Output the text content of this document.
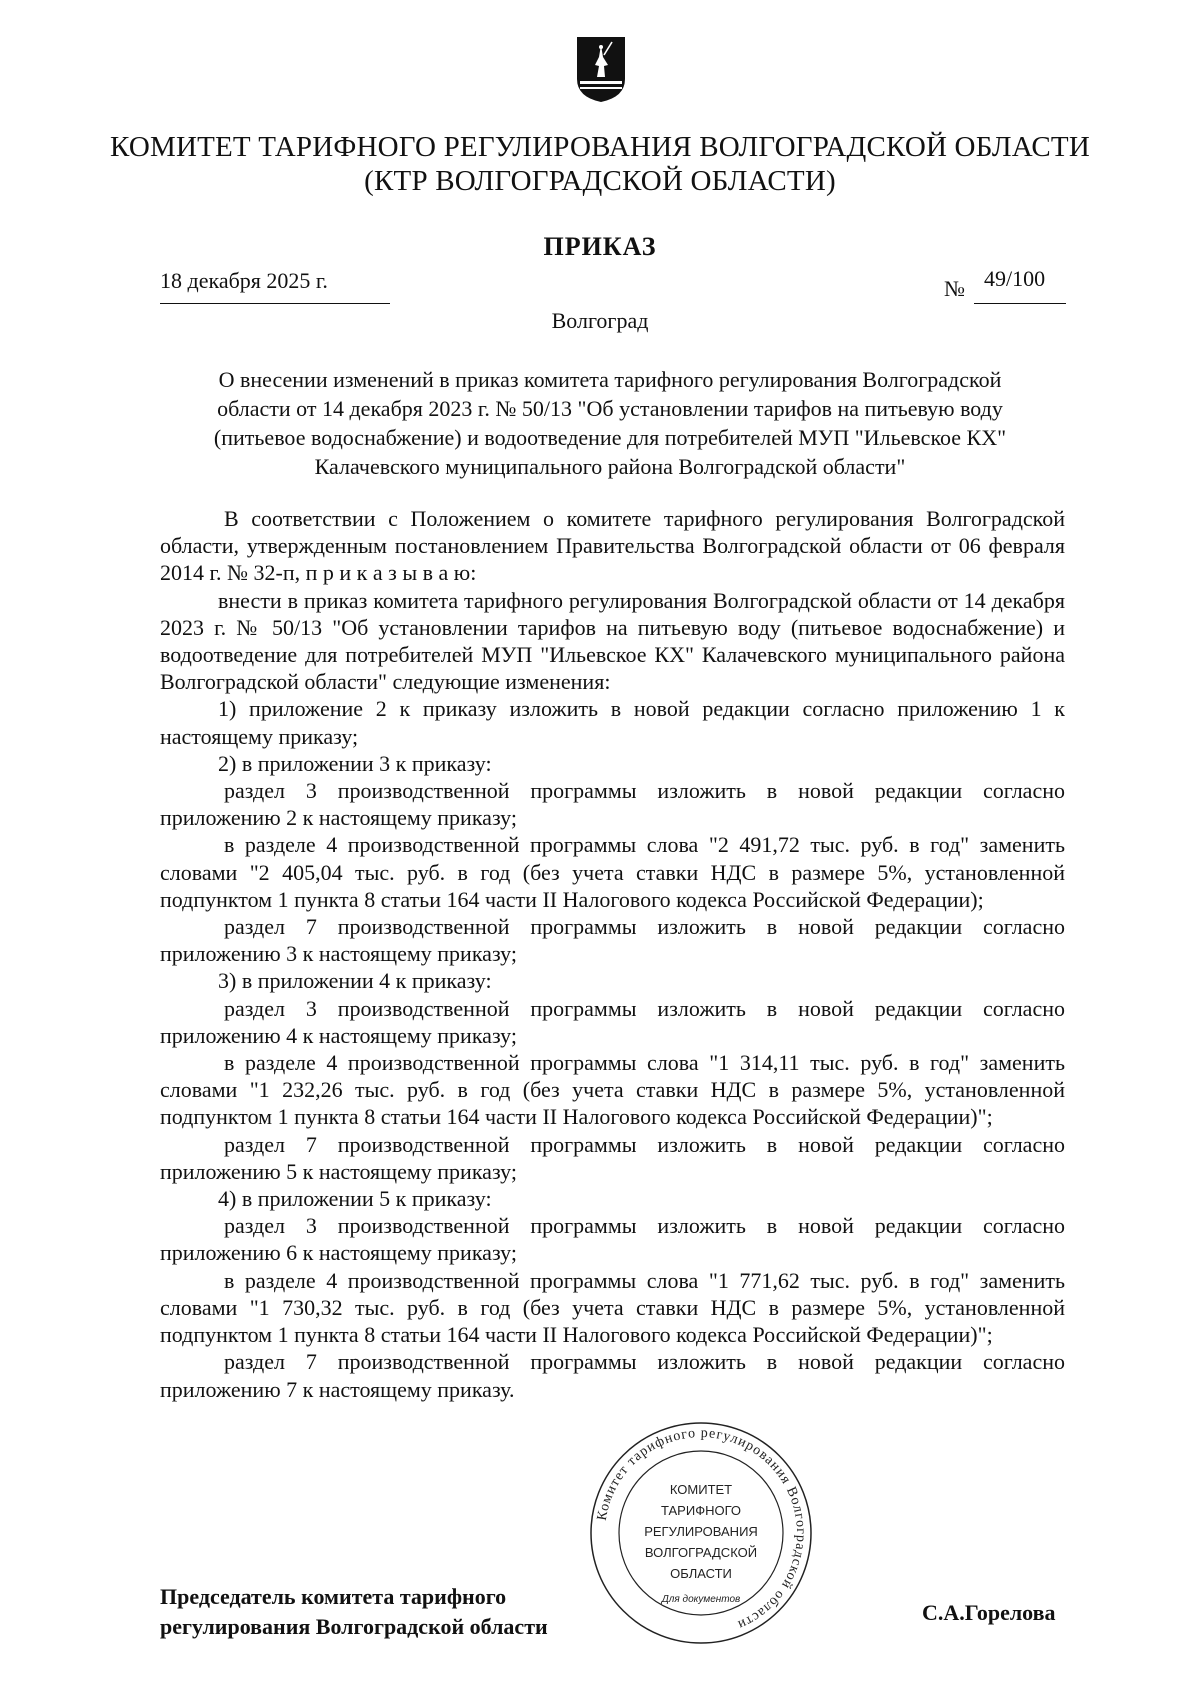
КОМИТЕТ ТАРИФНОГО РЕГУЛИРОВАНИЯ ВОЛГОГРАДСКОЙ ОБЛАСТИ
(КТР ВОЛГОГРАДСКОЙ ОБЛАСТИ)
ПРИКАЗ
18 декабря 2025 г.	№ 49/100
Волгоград
О внесении изменений в приказ комитета тарифного регулирования Волгоградской области от 14 декабря 2023 г. № 50/13 "Об установлении тарифов на питьевую воду (питьевое водоснабжение) и водоотведение для потребителей МУП "Ильевское КХ" Калачевского муниципального района Волгоградской области"

В соответствии с Положением о комитете тарифного регулирования Волгоградской области, утвержденным постановлением Правительства Волгоградской области от 06 февраля 2014 г. № 32-п, п р и к а з ы в а ю:

внести в приказ комитета тарифного регулирования Волгоградской области от 14 декабря 2023 г. № 50/13 "Об установлении тарифов на питьевую воду (питьевое водоснабжение) и водоотведение для потребителей МУП "Ильевское КХ" Калачевского муниципального района Волгоградской области" следующие изменения:

1) приложение 2 к приказу изложить в новой редакции согласно приложению 1 к настоящему приказу;

2) в приложении 3 к приказу:

раздел 3 производственной программы изложить в новой редакции согласно приложению 2 к настоящему приказу;

в разделе 4 производственной программы слова "2 491,72 тыс. руб. в год" заменить словами "2 405,04 тыс. руб. в год (без учета ставки НДС в размере 5%, установленной подпунктом 1 пункта 8 статьи 164 части II Налогового кодекса Российской Федерации);

раздел 7 производственной программы изложить в новой редакции согласно приложению 3 к настоящему приказу;

3) в приложении 4 к приказу:

раздел 3 производственной программы изложить в новой редакции согласно приложению 4 к настоящему приказу;

в разделе 4 производственной программы слова "1 314,11 тыс. руб. в год" заменить словами "1 232,26 тыс. руб. в год (без учета ставки НДС в размере 5%, установленной подпунктом 1 пункта 8 статьи 164 части II Налогового кодекса Российской Федерации)";

раздел 7 производственной программы изложить в новой редакции согласно приложению 5 к настоящему приказу;

4) в приложении 5 к приказу:

раздел 3 производственной программы изложить в новой редакции согласно приложению 6 к настоящему приказу;

в разделе 4 производственной программы слова "1 771,62 тыс. руб. в год" заменить словами "1 730,32 тыс. руб. в год (без учета ставки НДС в размере 5%, установленной подпунктом 1 пункта 8 статьи 164 части II Налогового кодекса Российской Федерации)";

раздел 7 производственной программы изложить в новой редакции согласно приложению 7 к настоящему приказу.

Комитет тарифного регулирования Волгоградской области
КОМИТЕТ
ТАРИФНОГО
РЕГУЛИРОВАНИЯ
ВОЛГОГРАДСКОЙ
ОБЛАСТИ
Для документов
Председатель комитета тарифного
регулирования Волгоградской области
С.А.Горелова
